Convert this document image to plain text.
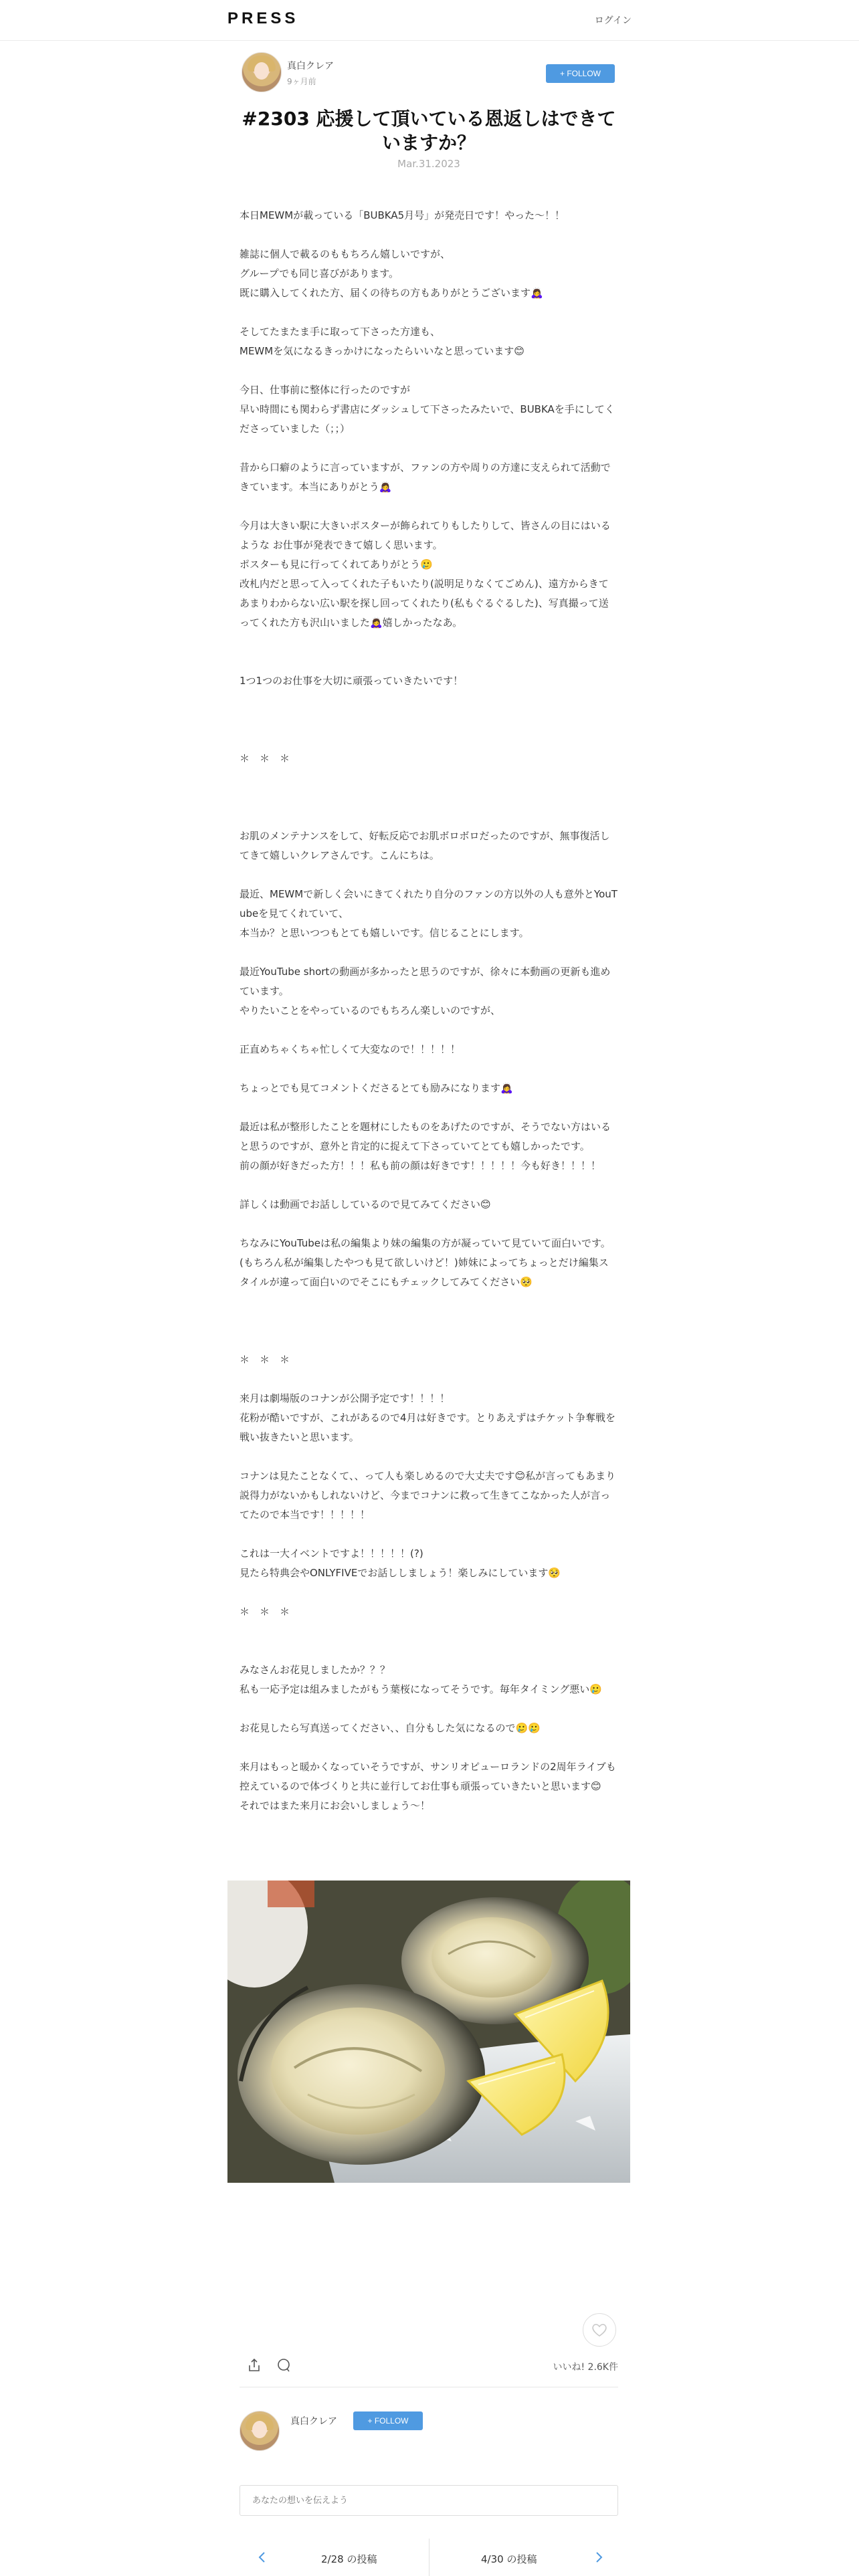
PRESS	ログイン
真白クレア
9ヶ月前
+ FOLLOW
#2303 応援して頂いている恩返しはできていますか？
Mar.31.2023
本日MEWMが載っている「BUBKA5月号」が発売日です！やった〜！！

雑誌に個人で載るのももちろん嬉しいですが、
グループでも同じ喜びがあります。
既に購入してくれた方、届くの待ちの方もありがとうございます🙇‍♀️

そしてたまたま手に取って下さった方達も、
MEWMを気になるきっかけになったらいいなと思っています😊

今日、仕事前に整体に行ったのですが
早い時間にも関わらず書店にダッシュして下さったみたいで、BUBKAを手にしてくださっていました（；；）

昔から口癖のように言っていますが、ファンの方や周りの方達に支えられて活動できています。本当にありがとう🙇‍♀️

今月は大きい駅に大きいポスターが飾られてりもしたりして、皆さんの目にはいるような お仕事が発表できて嬉しく思います。
ポスターも見に行ってくれてありがとう🥲
改札内だと思って入ってくれた子もいたり(説明足りなくてごめん)、遠方からきてあまりわからない広い駅を探し回ってくれたり(私もぐるぐるした)、写真撮って送ってくれた方も沢山いました🙇‍♀️嬉しかったなあ。

1つ1つのお仕事を大切に頑張っていきたいです！

＊　＊　＊

お肌のメンテナンスをして、好転反応でお肌ボロボロだったのですが、無事復活してきて嬉しいクレアさんです。こんにちは。

最近、MEWMで新しく会いにきてくれたり自分のファンの方以外の人も意外とYouTubeを見てくれていて、
本当か？と思いつつもとても嬉しいです。信じることにします。

最近YouTube shortの動画が多かったと思うのですが、徐々に本動画の更新も進めています。
やりたいことをやっているのでもちろん楽しいのですが、

正直めちゃくちゃ忙しくて大変なので！！！！！

ちょっとでも見てコメントくださるとても励みになります🙇‍♀️

最近は私が整形したことを題材にしたものをあげたのですが、そうでない方はいると思うのですが、意外と肯定的に捉えて下さっていてとても嬉しかったです。
前の顔が好きだった方！！！私も前の顔は好きです！！！！！今も好き！！！！

詳しくは動画でお話ししているので見てみてください😊

ちなみにYouTubeは私の編集より妹の編集の方が凝っていて見ていて面白いです。(もちろん私が編集したやつも見て欲しいけど！)姉妹によってちょっとだけ編集スタイルが違って面白いのでそこにもチェックしてみてください🥺

＊　＊　＊

来月は劇場版のコナンが公開予定です！！！！
花粉が酷いですが、これがあるので4月は好きです。とりあえずはチケット争奪戦を戦い抜きたいと思います。

コナンは見たことなくて、、って人も楽しめるので大丈夫です😊私が言ってもあまり説得力がないかもしれないけど、今までコナンに救って生きてこなかった人が言ってたので本当です！！！！！

これは一大イベントですよ！！！！！(?)
見たら特典会やONLYFIVEでお話ししましょう！楽しみにしています🥺

＊　＊　＊

みなさんお花見しましたか？？？
私も一応予定は組みましたがもう葉桜になってそうです。毎年タイミング悪い🥲

お花見したら写真送ってください、、自分もした気になるので🥲🥲

来月はもっと暖かくなっていそうですが、サンリオピューロランドの2周年ライブも控えているので体づくりと共に並行してお仕事も頑張っていきたいと思います😊
それではまた来月にお会いしましょう〜！
いいね! 2.6K件
真白クレア	+ FOLLOW
あなたの想いを伝えよう
2/28 の投稿	4/30 の投稿
